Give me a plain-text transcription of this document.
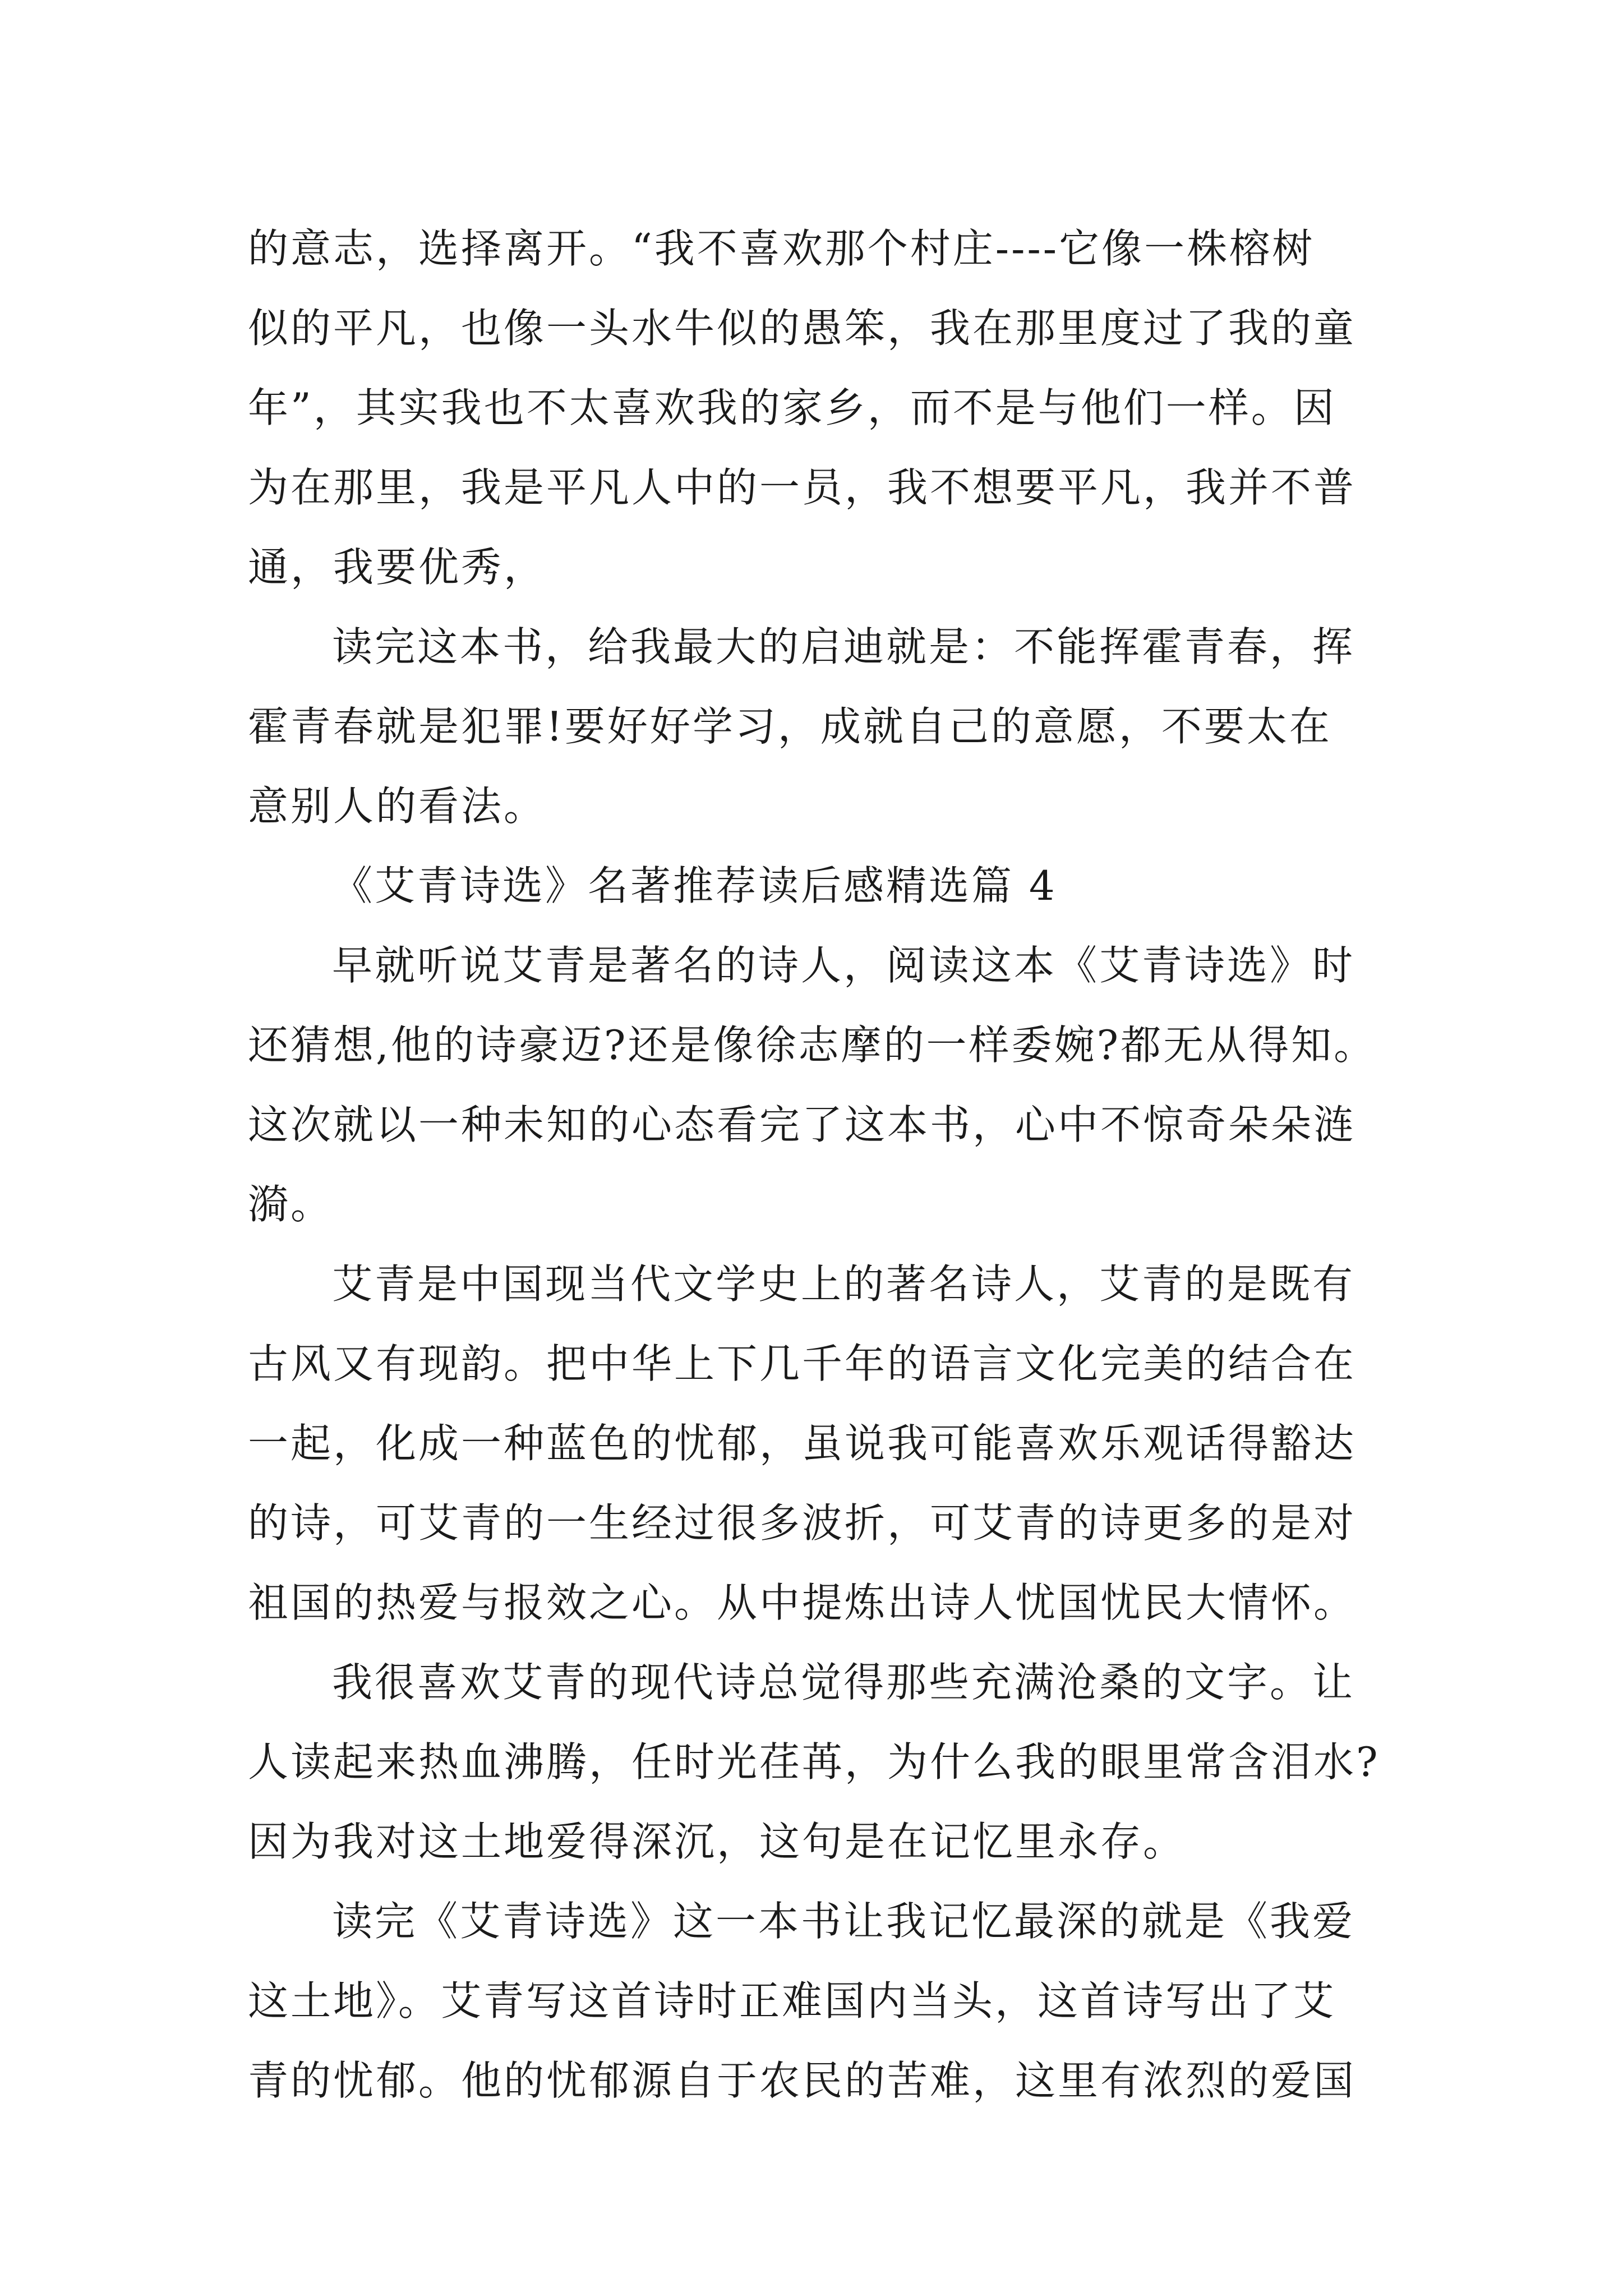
的意志，选择离开。“我不喜欢那个村庄----它像一株榕树
似的平凡，也像一头水牛似的愚笨，我在那里度过了我的童
年”，其实我也不太喜欢我的家乡，而不是与他们一样。因
为在那里，我是平凡人中的一员，我不想要平凡，我并不普
通，我要优秀，
读完这本书，给我最大的启迪就是：不能挥霍青春，挥
霍青春就是犯罪!要好好学习，成就自己的意愿，不要太在
意别人的看法。
《艾青诗选》名著推荐读后感精选篇 4
早就听说艾青是著名的诗人，阅读这本《艾青诗选》时
还猜想,他的诗豪迈?还是像徐志摩的一样委婉?都无从得知。
这次就以一种未知的心态看完了这本书，心中不惊奇朵朵涟
漪。
艾青是中国现当代文学史上的著名诗人，艾青的是既有
古风又有现韵。把中华上下几千年的语言文化完美的结合在
一起，化成一种蓝色的忧郁，虽说我可能喜欢乐观话得豁达
的诗，可艾青的一生经过很多波折，可艾青的诗更多的是对
祖国的热爱与报效之心。从中提炼出诗人忧国忧民大情怀。
我很喜欢艾青的现代诗总觉得那些充满沧桑的文字。让
人读起来热血沸腾，任时光荏苒，为什么我的眼里常含泪水?
因为我对这土地爱得深沉，这句是在记忆里永存。
读完《艾青诗选》这一本书让我记忆最深的就是《我爱
这土地》。艾青写这首诗时正难国内当头，这首诗写出了艾
青的忧郁。他的忧郁源自于农民的苦难，这里有浓烈的爱国
